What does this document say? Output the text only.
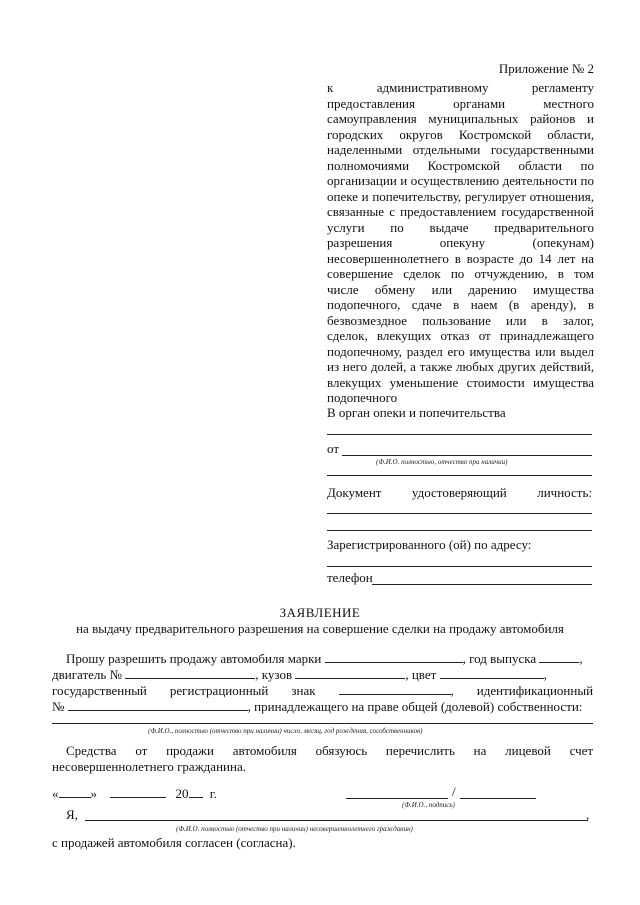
Приложение № 2
к административному регламенту
предоставления органами местного
самоуправления муниципальных районов и
городских округов Костромской области,
наделенными отдельными государственными
полномочиями Костромской области по
организации и осуществлению деятельности по
опеке и попечительству, регулирует отношения,
связанные с предоставлением государственной
услуги по выдаче предварительного
разрешения опекуну (опекунам)
несовершеннолетнего в возрасте до 14 лет на
совершение сделок по отчуждению, в том
числе обмену или дарению имущества
подопечного, сдаче в наем (в аренду), в
безвозмездное пользование или в залог,
сделок, влекущих отказ от принадлежащего
подопечному, раздел его имущества или выдел
из него долей, а также любых других действий,
влекущих уменьшение стоимости имущества
подопечного
В орган опеки и попечительства
от
(Ф.И.О. полностью, отчество при наличии)
Документ удостоверяющий личность:
Зарегистрированного (ой) по адресу:
телефон
ЗАЯВЛЕНИЕ
на выдачу предварительного разрешения на совершение сделки на продажу автомобиля
Прошу разрешить продажу автомобиля марки	, год выпуска	,
двигатель №	, кузов	, цвет	,
государственный регистрационный знак	, идентификационный
№	, принадлежащего на праве общей (долевой) собственности:
(Ф.И.О., полностью (отчество при наличии) число, месяц, год рождения, сособственников)
Средства от продажи автомобиля обязуюсь перечислить на лицевой счет
несовершеннолетнего гражданина.
« »	20 г.	/
(Ф.И.О., подпись)
Я,	,
(Ф.И.О. полностью (отчество при наличии) несовершеннолетнего гражданин)
с продажей автомобиля согласен (согласна).
